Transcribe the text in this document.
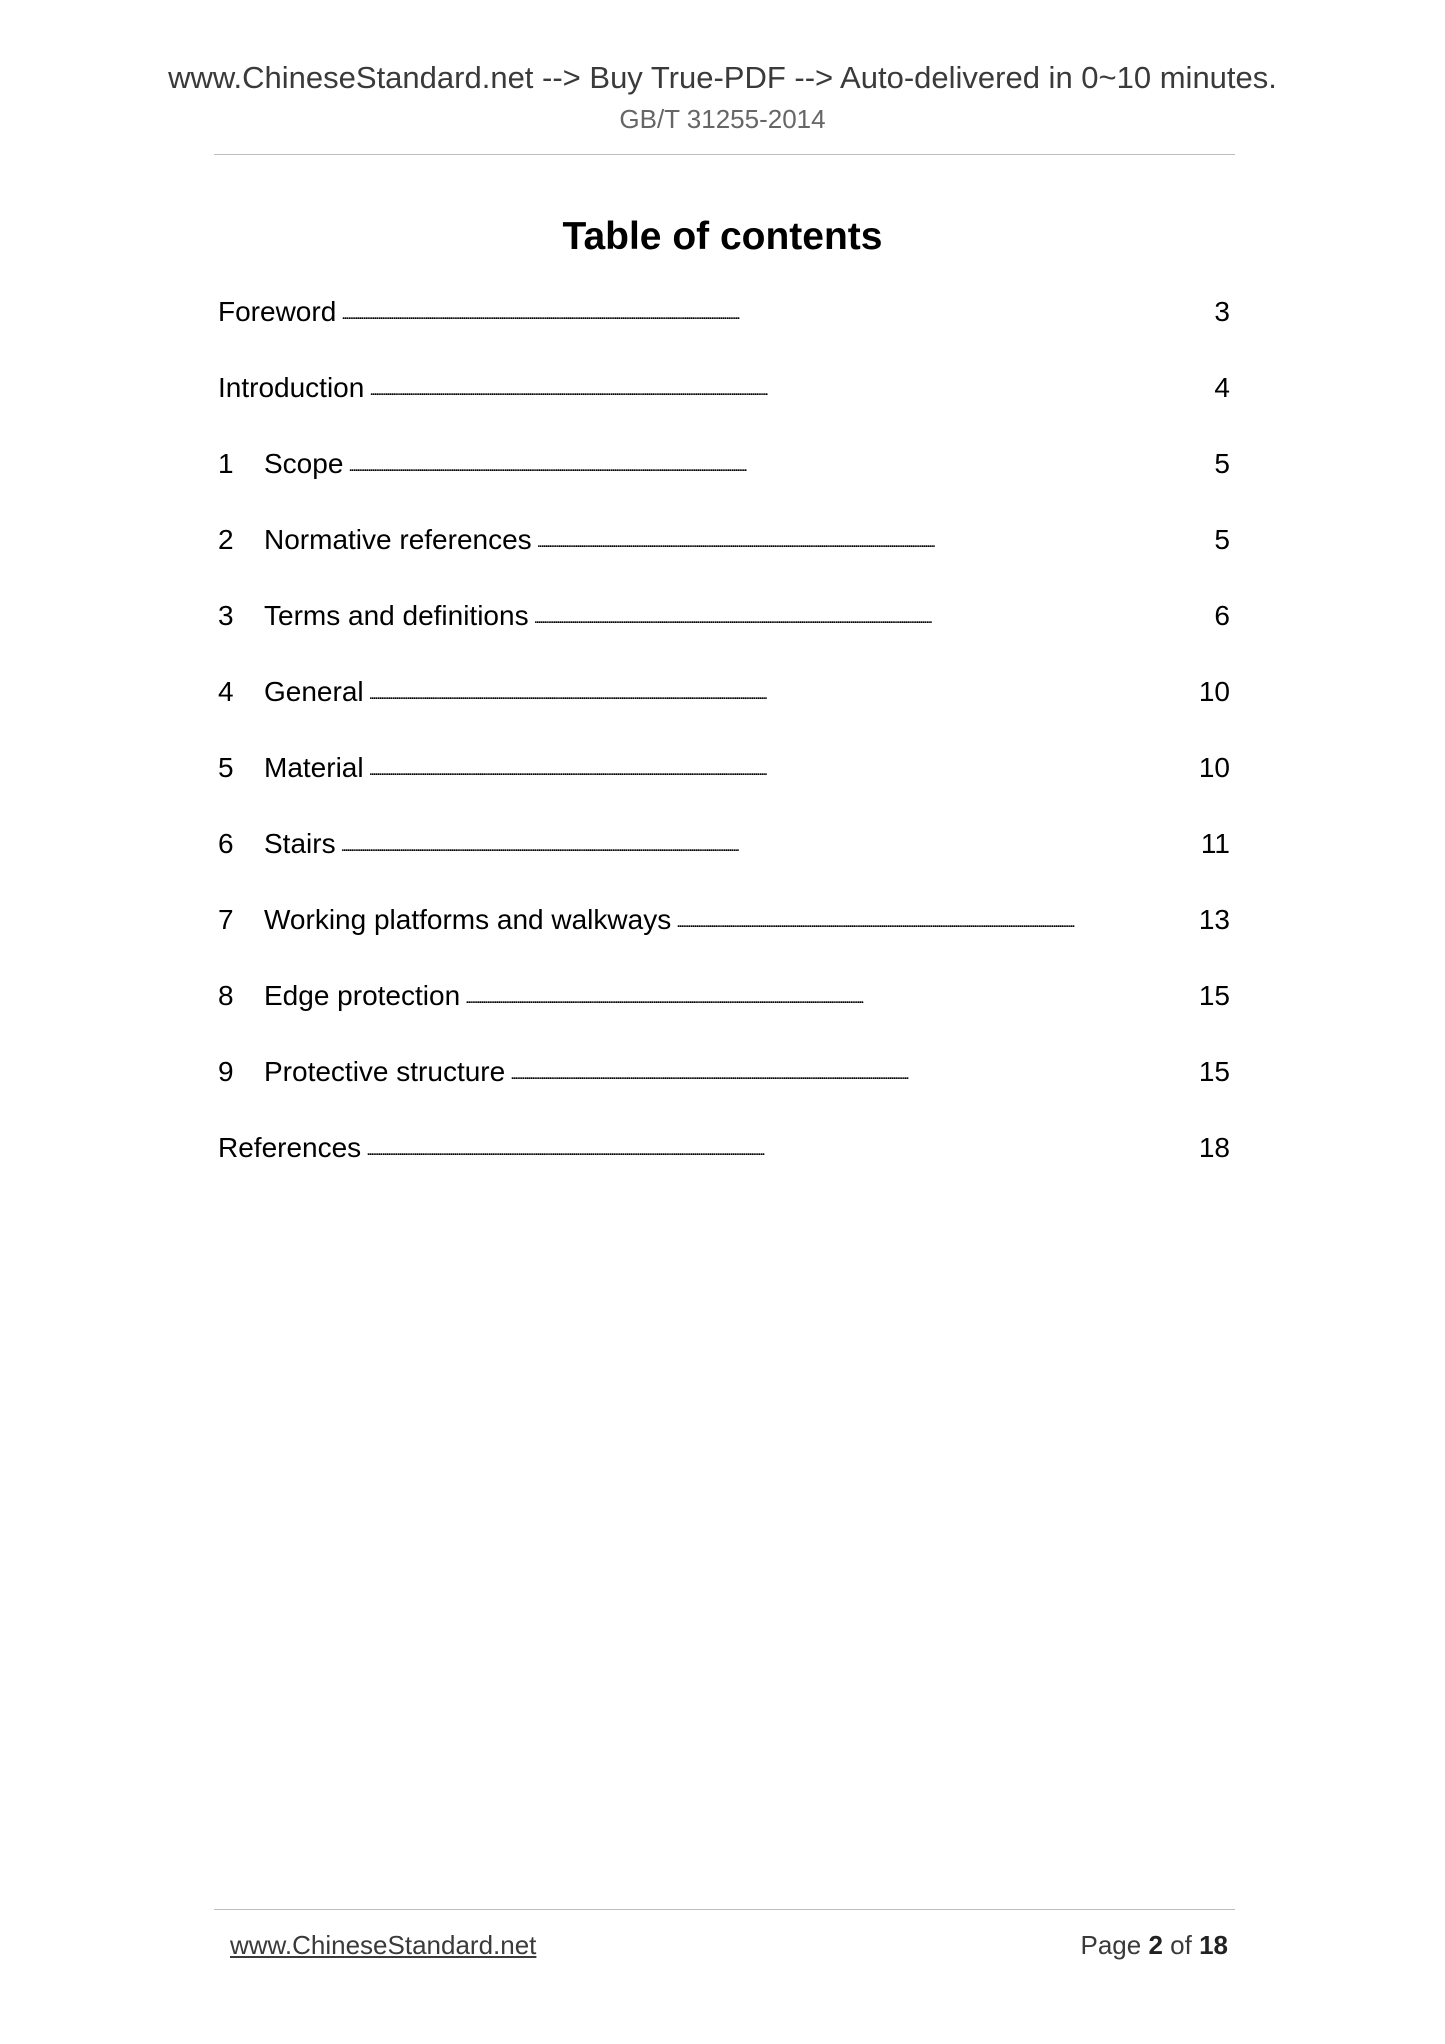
www.ChineseStandard.net --> Buy True-PDF --> Auto-delivered in 0~10 minutes.
GB/T 31255-2014
Table of contents
Foreword . . .	3
Introduction . . .	4
1	Scope . . .	5
2	Normative references . . .	5
3	Terms and definitions . . .	6
4	General . . .	10
5	Material . . .	10
6	Stairs . . .	11
7	Working platforms and walkways . . .	13
8	Edge protection . . .	15
9	Protective structure . . .	15
References . . .	18
www.ChineseStandard.net	Page 2 of 18
